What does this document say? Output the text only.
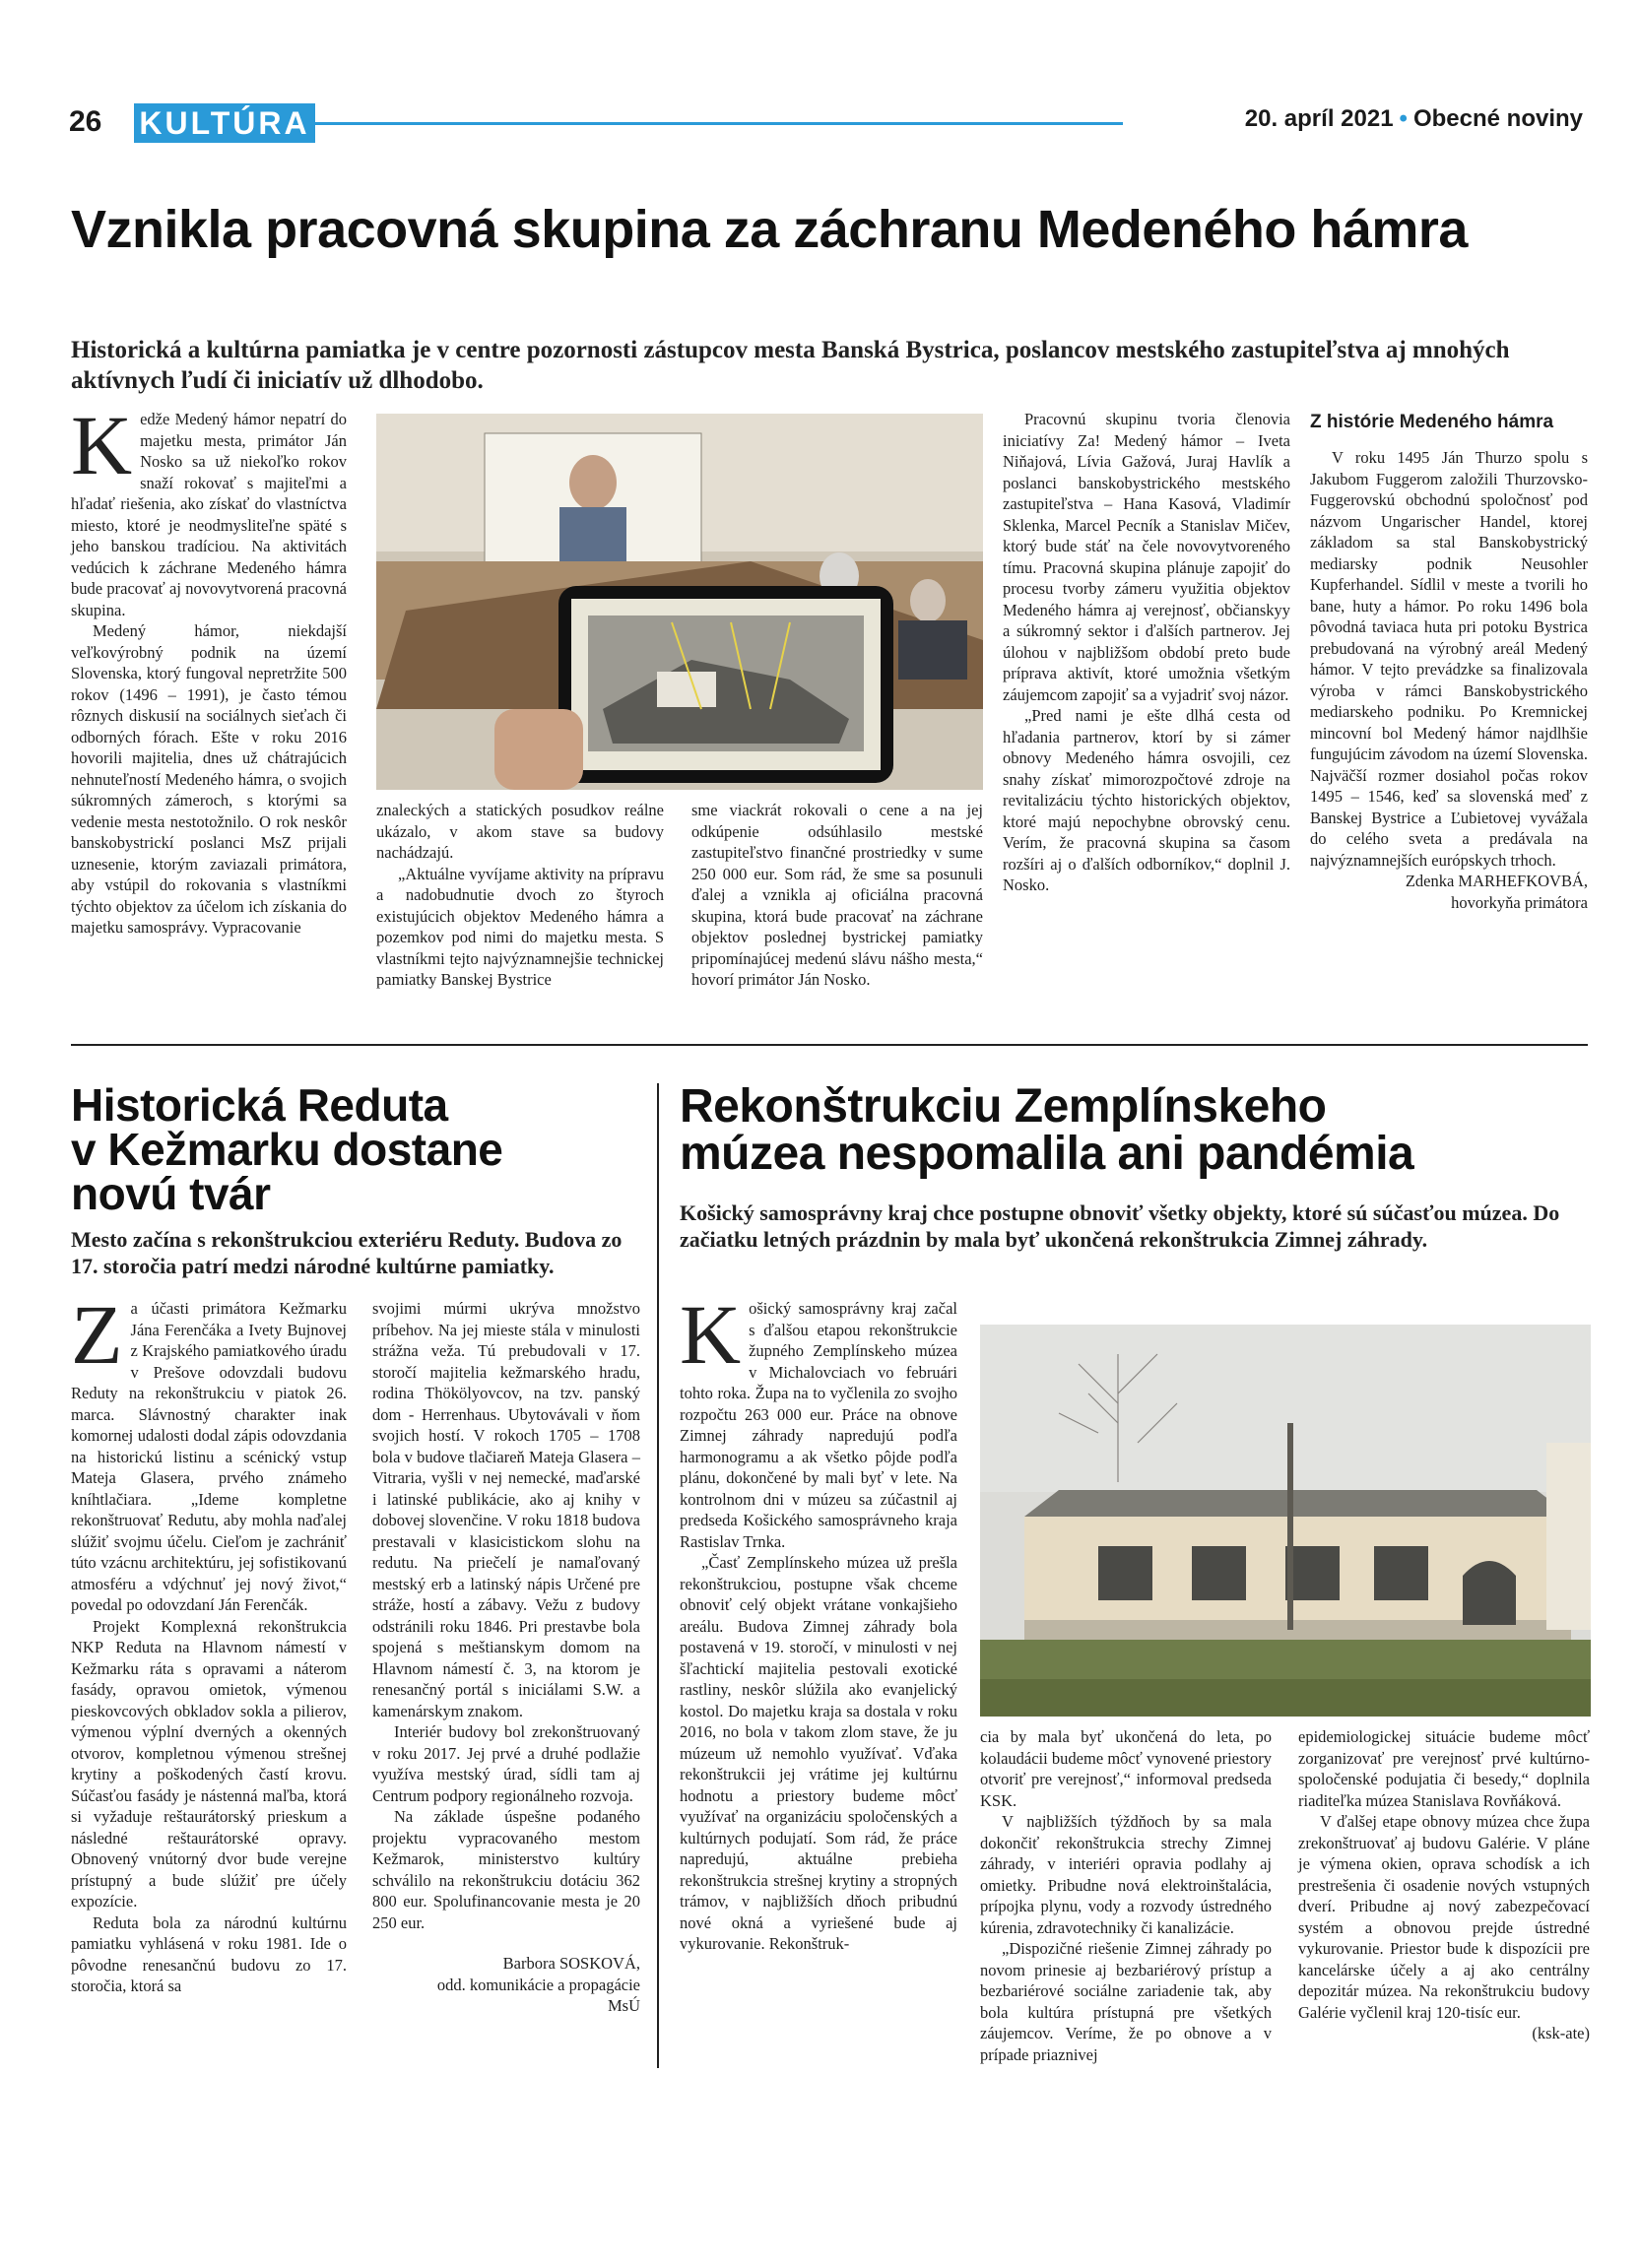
26 KULTÚRA	20. apríl 2021 • Obecné noviny
Vznikla pracovná skupina za záchranu Medeného hámra

Historická a kultúrna pamiatka je v centre pozornosti zástupcov mesta Banská Bystrica, poslancov mestského zastupiteľstva aj mnohých aktívnych ľudí či iniciatív už dlhodobo.

Kedže Medený hámor nepatrí do majetku mesta, primátor Ján Nosko sa už niekoľko rokov snaží rokovať s majiteľmi a hľadať riešenia, ako získať do vlastníctva miesto, ktoré je neodmysliteľne späté s jeho banskou tradíciou. Na aktivitách vedúcich k záchrane Medeného hámra bude pracovať aj novovytvorená pracovná skupina.

Medený hámor, niekdajší veľkovýrobný podnik na území Slovenska, ktorý fungoval nepretržite 500 rokov (1496 – 1991), je často témou rôznych diskusií na sociálnych sieťach či odborných fórach. Ešte v roku 2016 hovorili majitelia, dnes už chátrajúcich nehnuteľností Medeného hámra, o svojich súkromných zámeroch, s ktorými sa vedenie mesta nestotožnilo. O rok neskôr banskobystrickí poslanci MsZ prijali uznesenie, ktorým zaviazali primátora, aby vstúpil do rokovania s vlastníkmi týchto objektov za účelom ich získania do majetku samosprávy. Vypracovanie

znaleckých a statických posudkov reálne ukázalo, v akom stave sa budovy nachádzajú.

„Aktuálne vyvíjame aktivity na prípravu a nadobudnutie dvoch zo štyroch existujúcich objektov Medeného hámra a pozemkov pod nimi do majetku mesta. S vlastníkmi tejto najvýznamnejšie technickej pamiatky Banskej Bystrice

sme viackrát rokovali o cene a na jej odkúpenie odsúhlasilo mestské zastupiteľstvo finančné prostriedky v sume 250 000 eur. Som rád, že sme sa posunuli ďalej a vznikla aj oficiálna pracovná skupina, ktorá bude pracovať na záchrane objektov poslednej bystrickej pamiatky pripomínajúcej medenú slávu nášho mesta,“ hovorí primátor Ján Nosko.

Pracovnú skupinu tvoria členovia iniciatívy Za! Medený hámor – Iveta Niňajová, Lívia Gažová, Juraj Havlík a poslanci banskobystrického mestského zastupiteľstva – Hana Kasová, Vladimír Sklenka, Marcel Pecník a Stanislav Mičev, ktorý bude stáť na čele novovytvoreného tímu. Pracovná skupina plánuje zapojiť do procesu tvorby zámeru využitia objektov Medeného hámra aj verejnosť, občianskyy a súkromný sektor i ďalších partnerov. Jej úlohou v najbližšom období preto bude príprava aktivít, ktoré umožnia všetkým záujemcom zapojiť sa a vyjadriť svoj názor.

„Pred nami je ešte dlhá cesta od hľadania partnerov, ktorí by si zámer obnovy Medeného hámra osvojili, cez snahy získať mimorozpočtové zdroje na revitalizáciu týchto historických objektov, ktoré majú nepochybne obrovský cenu. Verím, že pracovná skupina sa časom rozšíri aj o ďalších odborníkov,“ doplnil J. Nosko.

Z histórie Medeného hámra

V roku 1495 Ján Thurzo spolu s Jakubom Fuggerom založili Thurzovsko-Fuggerovskú obchodnú spoločnosť pod názvom Ungarischer Handel, ktorej základom sa stal Banskobystrický mediarsky podnik Neusohler Kupferhandel. Sídlil v meste a tvorili ho bane, huty a hámor. Po roku 1496 bola pôvodná taviaca huta pri potoku Bystrica prebudovaná na výrobný areál Medený hámor. V tejto prevádzke sa finalizovala výroba v rámci Banskobystrického mediarskeho podniku. Po Kremnickej mincovní bol Medený hámor najdlhšie fungujúcim závodom na území Slovenska. Najväčší rozmer dosiahol počas rokov 1495 – 1546, keď sa slovenská meď z Banskej Bystrice a Ľubietovej vyvážala do celého sveta a predávala na najvýznamnejších európskych trhoch.

Zdenka MARHEFKOVBÁ,

hovorkyňa primátora

Historická Reduta
v Kežmarku dostane
novú tvár

Mesto začína s rekonštrukciou exteriéru Reduty. Budova zo 17. storočia patrí medzi národné kultúrne pamiatky.

Za účasti primátora Kežmarku Jána Ferenčáka a Ivety Bujnovej z Krajského pamiatkového úradu v Prešove odovzdali budovu Reduty na rekonštrukciu v piatok 26. marca. Slávnostný charakter inak komornej udalosti dodal zápis odovzdania na historickú listinu a scénický vstup Mateja Glasera, prvého známeho kníhtlačiara. „Ideme kompletne rekonštruovať Redutu, aby mohla naďalej slúžiť svojmu účelu. Cieľom je zachrániť túto vzácnu architektúru, jej sofistikovanú atmosféru a vdýchnuť jej nový život,“ povedal po odovzdaní Ján Ferenčák.

Projekt Komplexná rekonštrukcia NKP Reduta na Hlavnom námestí v Kežmarku ráta s opravami a náterom fasády, opravou omietok, výmenou pieskovcových obkladov sokla a pilierov, výmenou výplní dverných a okenných otvorov, kompletnou výmenou strešnej krytiny a poškodených častí krovu. Súčasťou fasády je nástenná maľba, ktorá si vyžaduje reštaurátorský prieskum a následné reštaurátorské opravy. Obnovený vnútorný dvor bude verejne prístupný a bude slúžiť pre účely expozície.

Reduta bola za národnú kultúrnu pamiatku vyhlásená v roku 1981. Ide o pôvodne renesančnú budovu zo 17. storočia, ktorá sa

svojimi múrmi ukrýva množstvo príbehov. Na jej mieste stála v minulosti strážna veža. Tú prebudovali v 17. storočí majitelia kežmarského hradu, rodina Thökölyovcov, na tzv. panský dom - Herrenhaus. Ubytovávali v ňom svojich hostí. V rokoch 1705 – 1708 bola v budove tlačiareň Mateja Glasera – Vitraria, vyšli v nej nemecké, maďarské i latinské publikácie, ako aj knihy v dobovej slovenčine. V roku 1818 budova prestavali v klasicistickom slohu na redutu. Na priečelí je namaľovaný mestský erb a latinský nápis Určené pre stráže, hostí a zábavy. Vežu z budovy odstránili roku 1846. Pri prestavbe bola spojená s meštianskym domom na Hlavnom námestí č. 3, na ktorom je renesančný portál s iniciálami S.W. a kamenárskym znakom.

Interiér budovy bol zrekonštruovaný v roku 2017. Jej prvé a druhé podlažie využíva mestský úrad, sídli tam aj Centrum podpory regionálneho rozvoja.

Na základe úspešne podaného projektu vypracovaného mestom Kežmarok, ministerstvo kultúry schválilo na rekonštrukciu dotáciu 362 800 eur. Spolufinancovanie mesta je 20 250 eur.

Barbora SOSKOVÁ,

odd. komunikácie a propagácie

MsÚ

Rekonštrukciu Zemplínskeho
múzea nespomalila ani pandémia

Košický samosprávny kraj chce postupne obnoviť všetky objekty, ktoré sú súčasťou múzea. Do začiatku letných prázdnin by mala byť ukončená rekonštrukcia Zimnej záhrady.

Košický samosprávny kraj začal s ďalšou etapou rekonštrukcie župného Zemplínskeho múzea v Michalovciach vo februári tohto roka. Župa na to vyčlenila zo svojho rozpočtu 263 000 eur. Práce na obnove Zimnej záhrady napredujú podľa harmonogramu a ak všetko pôjde podľa plánu, dokončené by mali byť v lete. Na kontrolnom dni v múzeu sa zúčastnil aj predseda Košického samosprávneho kraja Rastislav Trnka.

„Časť Zemplínskeho múzea už prešla rekonštrukciou, postupne však chceme obnoviť celý objekt vrátane vonkajšieho areálu. Budova Zimnej záhrady bola postavená v 19. storočí, v minulosti v nej šľachtickí majitelia pestovali exotické rastliny, neskôr slúžila ako evanjelický kostol. Do majetku kraja sa dostala v roku 2016, no bola v takom zlom stave, že ju múzeum už nemohlo využívať. Vďaka rekonštrukcii jej vrátime jej kultúrnu hodnotu a priestory budeme môcť využívať na organizáciu spoločenských a kultúrnych podujatí. Som rád, že práce napredujú, aktuálne prebieha rekonštrukcia strešnej krytiny a stropných trámov, v najbližších dňoch pribudnú nové okná a vyriešené bude aj vykurovanie. Rekonštruk-

cia by mala byť ukončená do leta, po kolaudácii budeme môcť vynovené priestory otvoriť pre verejnosť,“ informoval predseda KSK.

V najbližších týždňoch by sa mala dokončiť rekonštrukcia strechy Zimnej záhrady, v interiéri opravia podlahy aj omietky. Pribudne nová elektroinštalácia, prípojka plynu, vody a rozvody ústredného kúrenia, zdravotechniky či kanalizácie.

„Dispozičné riešenie Zimnej záhrady po novom prinesie aj bezbariérový prístup a bezbariérové sociálne zariadenie tak, aby bola kultúra prístupná pre všetkých záujemcov. Veríme, že po obnove a v prípade priaznivej

epidemiologickej situácie budeme môcť zorganizovať pre verejnosť prvé kultúrno-spoločenské podujatia či besedy,“ doplnila riaditeľka múzea Stanislava Rovňáková.

V ďalšej etape obnovy múzea chce župa zrekonštruovať aj budovu Galérie. V pláne je výmena okien, oprava schodísk a ich prestrešenia či osadenie nových vstupných dverí. Pribudne aj nový zabezpečovací systém a obnovou prejde ústredné vykurovanie. Priestor bude k dispozícii pre kancelárske účely a aj ako centrálny depozitár múzea. Na rekonštrukciu budovy Galérie vyčlenil kraj 120-tisíc eur.

(ksk-ate)
